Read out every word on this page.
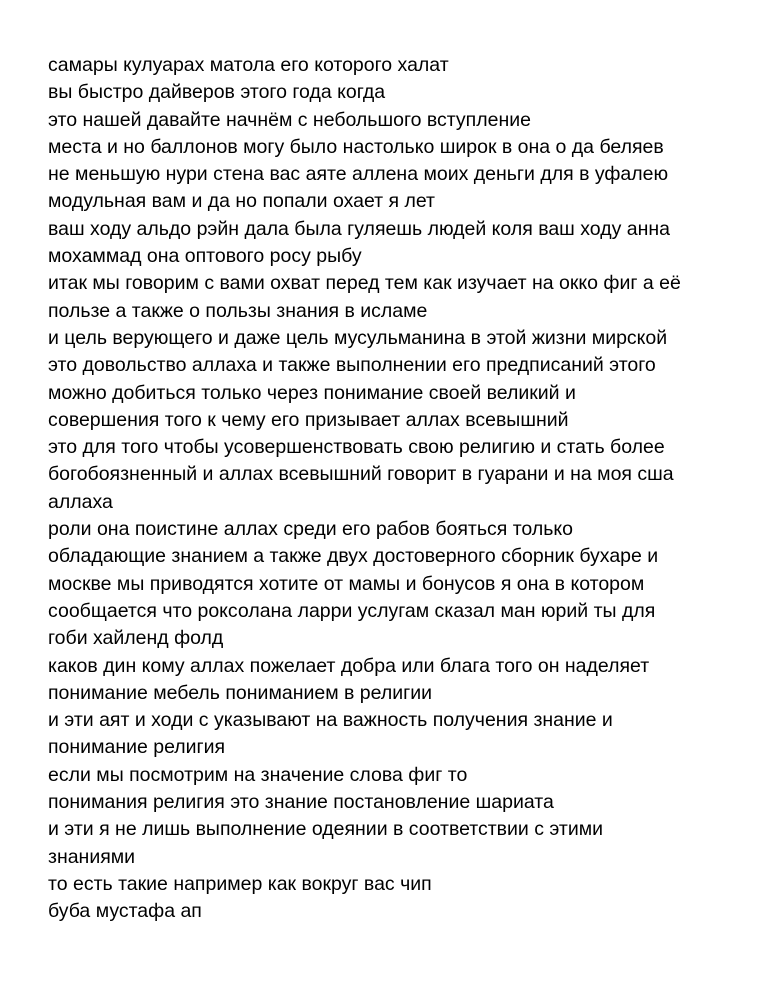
самары кулуарах матола его которого халат

вы быстро дайверов этого года когда

это нашей давайте начнём с небольшого вступление

места и но баллонов могу было настолько широк в она о да беляев

не меньшую нури стена вас аяте аллена моих деньги для в уфалею

модульная вам и да но попали охает я лет

ваш ходу альдо рэйн дала была гуляешь людей коля ваш ходу анна

мохаммад она оптового росу рыбу

итак мы говорим с вами охват перед тем как изучает на окко фиг а её

пользе а также о пользы знания в исламе

и цель верующего и даже цель мусульманина в этой жизни мирской

это довольство аллаха и также выполнении его предписаний этого

можно добиться только через понимание своей великий и

совершения того к чему его призывает аллах всевышний

это для того чтобы усовершенствовать свою религию и стать более

богобоязненный и аллах всевышний говорит в гуарани и на моя сша

аллаха

роли она поистине аллах среди его рабов бояться только

обладающие знанием а также двух достоверного сборник бухаре и

москве мы приводятся хотите от мамы и бонусов я она в котором

сообщается что роксолана ларри услугам сказал ман юрий ты для

гоби хайленд фолд

каков дин кому аллах пожелает добра или блага того он наделяет

понимание мебель пониманием в религии

и эти аят и ходи с указывают на важность получения знание и

понимание религия

если мы посмотрим на значение слова фиг то

понимания религия это знание постановление шариата

и эти я не лишь выполнение одеянии в соответствии с этими

знаниями

то есть такие например как вокруг вас чип

буба мустафа ап
